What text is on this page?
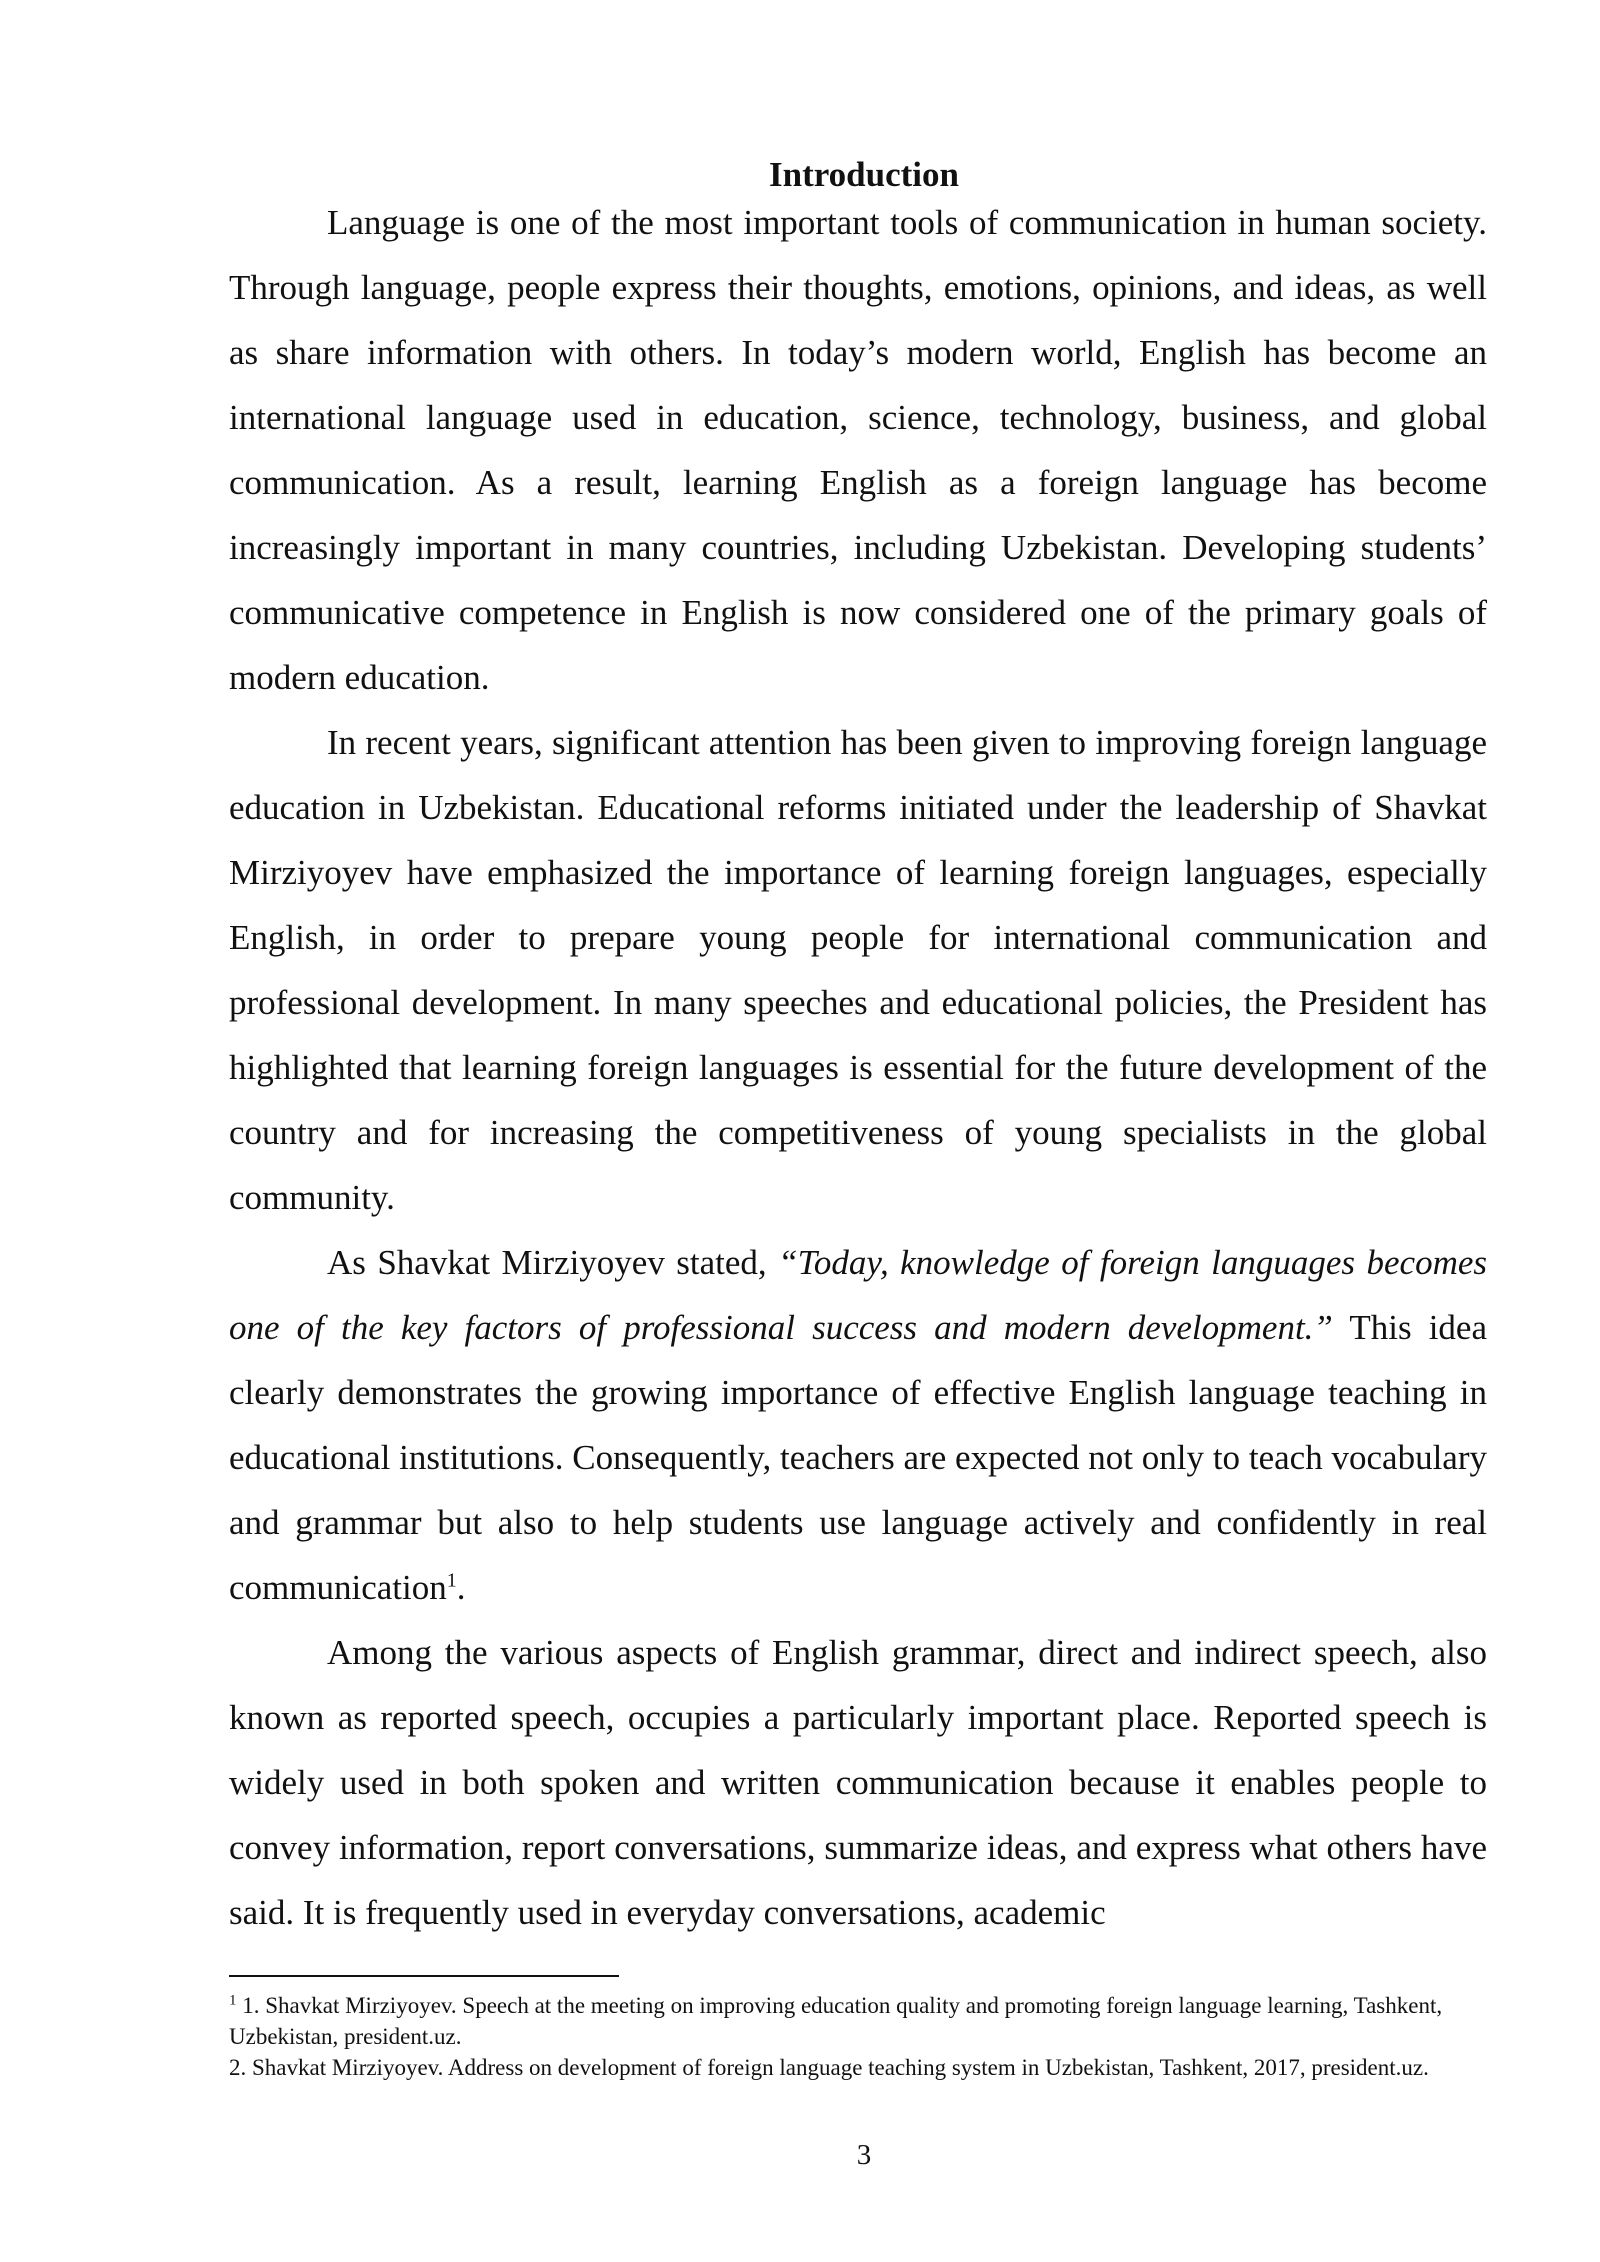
Introduction

Language is one of the most important tools of communication in human society. Through language, people express their thoughts, emotions, opinions, and ideas, as well as share information with others. In today’s modern world, English has become an international language used in education, science, technology, business, and global communication. As a result, learning English as a foreign language has become increasingly important in many countries, including Uzbekistan. Developing students’ communicative competence in English is now considered one of the primary goals of modern education.

In recent years, significant attention has been given to improving foreign language education in Uzbekistan. Educational reforms initiated under the leadership of Shavkat Mirziyoyev have emphasized the importance of learning foreign languages, especially English, in order to prepare young people for international communication and professional development. In many speeches and educational policies, the President has highlighted that learning foreign languages is essential for the future development of the country and for increasing the competitiveness of young specialists in the global community.

As Shavkat Mirziyoyev stated, “Today, knowledge of foreign languages becomes one of the key factors of professional success and modern development.” This idea clearly demonstrates the growing importance of effective English language teaching in educational institutions. Consequently, teachers are expected not only to teach vocabulary and grammar but also to help students use language actively and confidently in real communication$^1$.

Among the various aspects of English grammar, direct and indirect speech, also known as reported speech, occupies a particularly important place. Reported speech is widely used in both spoken and written communication because it enables people to convey information, report conversations, summarize ideas, and express what others have said. It is frequently used in everyday conversations, academic

$^1$ 1. Shavkat Mirziyoyev. Speech at the meeting on improving education quality and promoting foreign language learning, Tashkent, Uzbekistan, president.uz.

2. Shavkat Mirziyoyev. Address on development of foreign language teaching system in Uzbekistan, Tashkent, 2017, president.uz.

3
